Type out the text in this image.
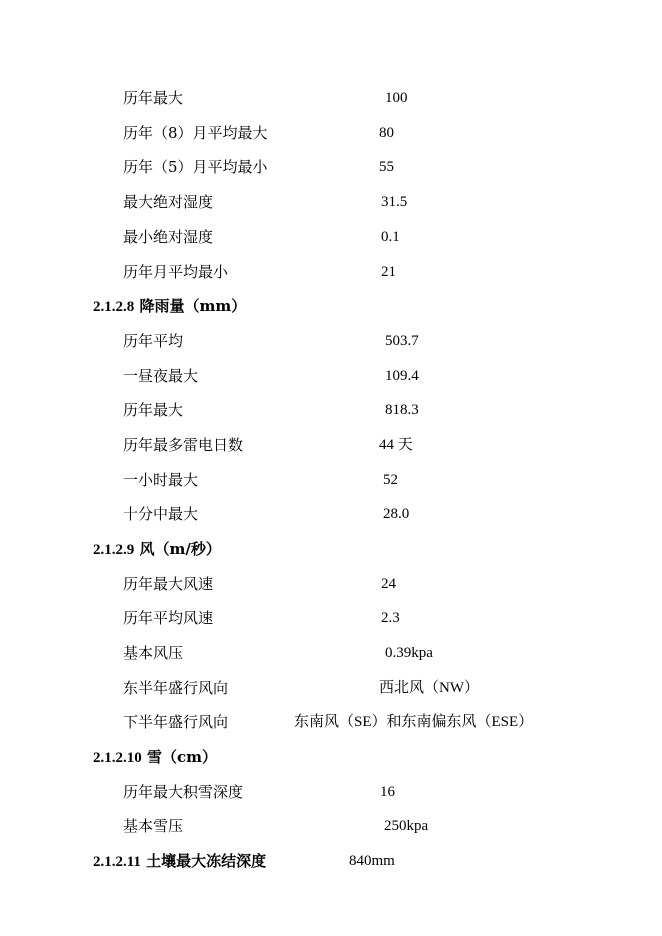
历年最大	100
历年（8）月平均最大	80
历年（5）月平均最小	55
最大绝对湿度	31.5
最小绝对湿度	0.1
历年月平均最小	21
2.1.2.8 降雨量（mm）
历年平均	503.7
一昼夜最大	109.4
历年最大	818.3
历年最多雷电日数	44 天
一小时最大	52
十分中最大	28.0
2.1.2.9 风（m/秒）
历年最大风速	24
历年平均风速	2.3
基本风压	0.39kpa
东半年盛行风向	西北风（NW）
下半年盛行风向	东南风（SE）和东南偏东风（ESE）
2.1.2.10 雪（cm）
历年最大积雪深度	16
基本雪压	250kpa
2.1.2.11 土壤最大冻结深度	840mm
